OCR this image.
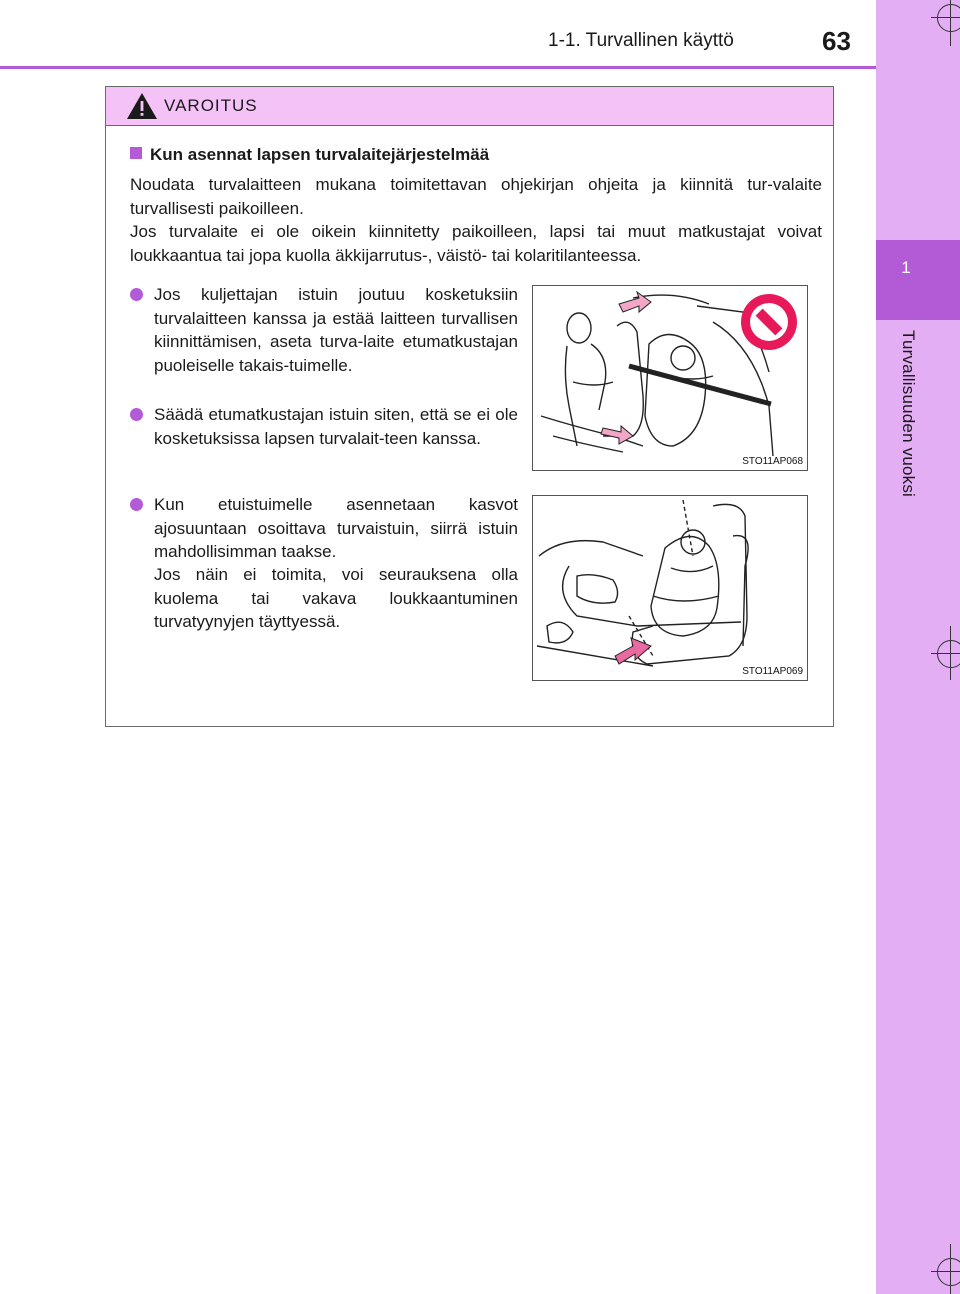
1
Turvallisuuden vuoksi
1-1. Turvallinen käyttö	63
VAROITUS
Kun asennat lapsen turvalaitejärjestelmää
Noudata turvalaitteen mukana toimitettavan ohjekirjan ohjeita ja kiinnitä tur-valaite turvallisesti paikoilleen.
Jos turvalaite ei ole oikein kiinnitetty paikoilleen, lapsi tai muut matkustajat voivat loukkaantua tai jopa kuolla äkkijarrutus-, väistö- tai kolaritilanteessa.
Jos kuljettajan istuin joutuu kosketuksiin turvalaitteen kanssa ja estää laitteen turvallisen kiinnittämisen, aseta turva-laite etumatkustajan puoleiselle takais-tuimelle.
Säädä etumatkustajan istuin siten, että se ei ole kosketuksissa lapsen turvalait-teen kanssa.
Kun etuistuimelle asennetaan kasvot ajosuuntaan osoittava turvaistuin, siirrä istuin mahdollisimman taakse.
Jos näin ei toimita, voi seurauksena olla kuolema tai vakava loukkaantuminen turvatyynyjen täyttyessä.
STO11AP068
STO11AP069
